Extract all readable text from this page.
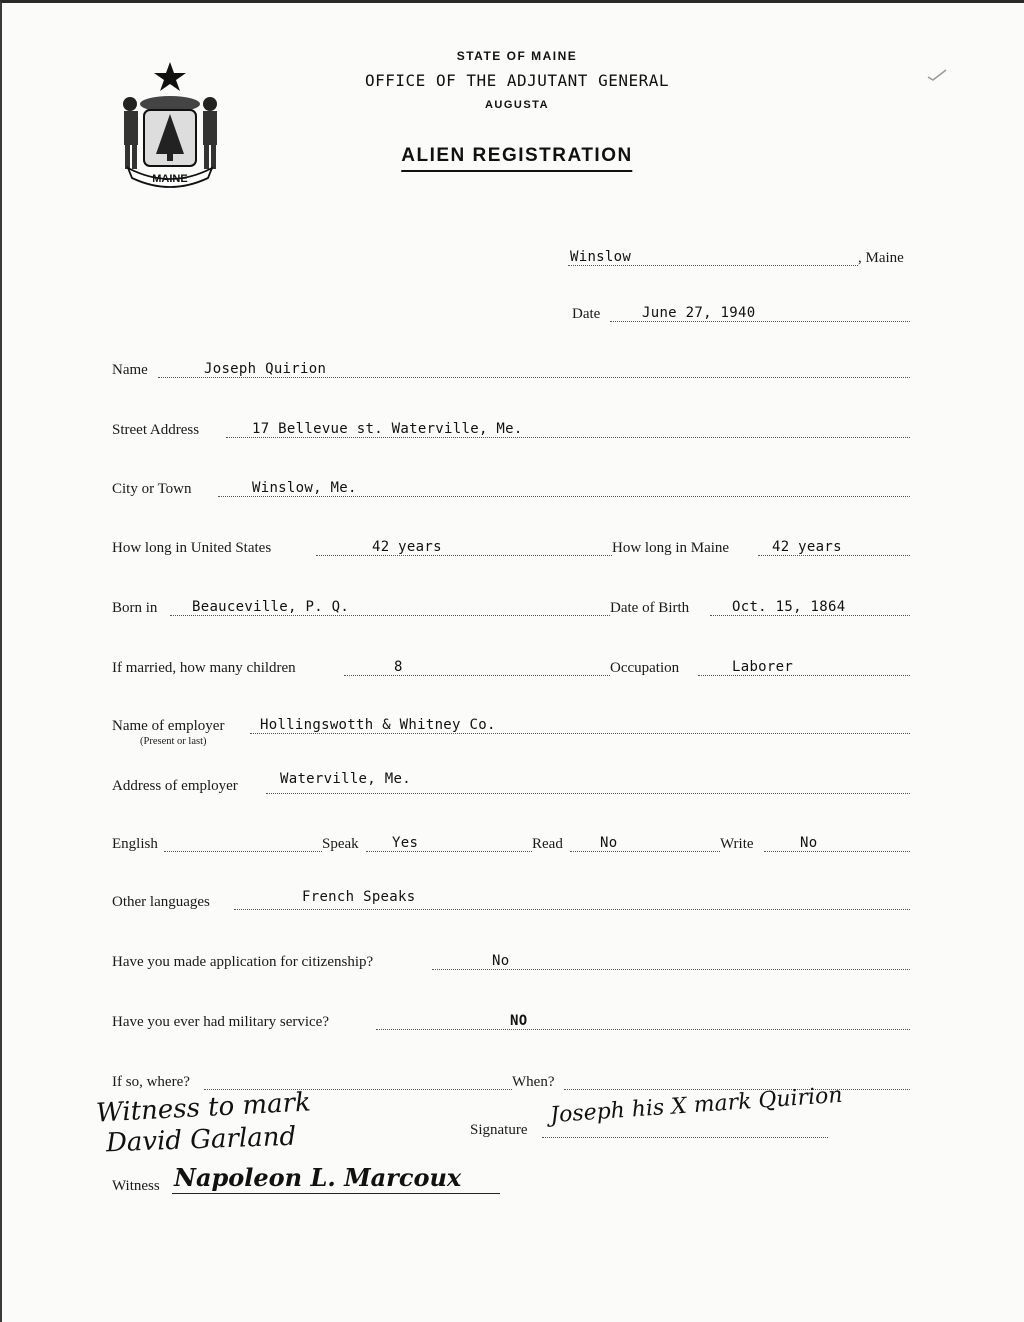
MAINE
STATE OF MAINE
OFFICE OF THE ADJUTANT GENERAL
AUGUSTA
ALIEN REGISTRATION
Winslow	, Maine
Date	June 27, 1940
Name	Joseph Quirion
Street Address	17 Bellevue st. Waterville, Me.
City or Town	Winslow, Me.
How long in United States	42 years	How long in Maine	42 years
Born in Beauceville, P. Q.	Date of Birth	Oct. 15, 1864
If married, how many children	8	Occupation	Laborer
Name of employer	Hollingswotth & Whitney Co.
(Present or last)
Address of employer	Waterville, Me.
English	Speak Yes	Read	No	Write	No
Other languages	French Speaks
Have you made application for citizenship?	No
Have you ever had military service?	NO
If so, where?	When?
Witness to mark
David Garland	Signature
Joseph his X mark Quirion
Witness Napoleon L. Marcoux
